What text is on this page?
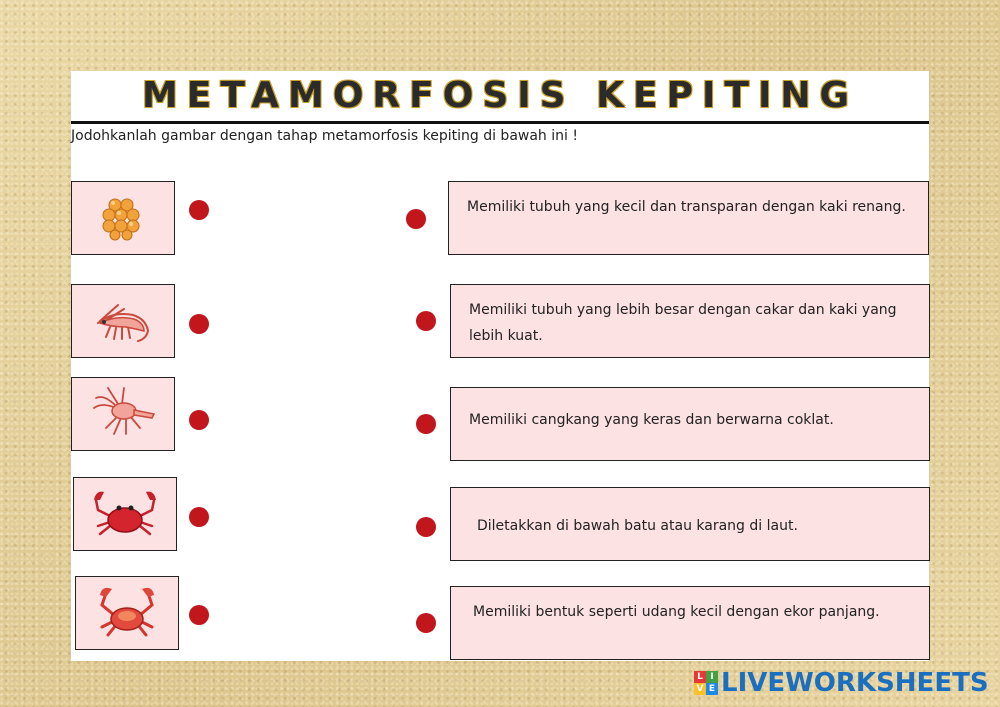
METAMORFOSIS KEPITING
Jodohkanlah gambar dengan tahap metamorfosis kepiting di bawah ini !
Memiliki tubuh yang kecil dan transparan dengan kaki renang.
Memiliki tubuh yang lebih besar dengan cakar dan kaki yang lebih kuat.
Memiliki cangkang yang keras dan berwarna coklat.
Diletakkan di bawah batu atau karang di laut.
Memiliki bentuk seperti udang kecil dengan ekor panjang.
L I
V E LIVEWORKSHEETS
